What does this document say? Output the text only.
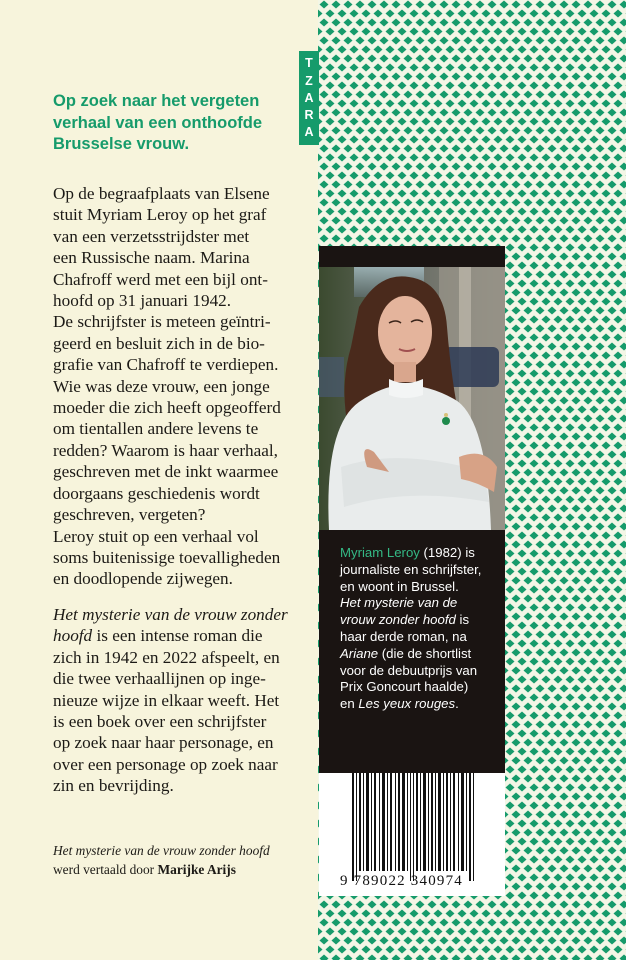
Op zoek naar het vergeten
verhaal van een onthoofde
Brusselse vrouw.
Op de begraafplaats van Elsene
stuit Myriam Leroy op het graf
van een verzetsstrijdster met
een Russische naam. Marina
Chafroff werd met een bijl ont-
hoofd op 31 januari 1942.
De schrijfster is meteen geïntri-
geerd en besluit zich in de bio-
grafie van Chafroff te verdiepen.
Wie was deze vrouw, een jonge
moeder die zich heeft opgeofferd
om tientallen andere levens te
redden? Waarom is haar verhaal,
geschreven met de inkt waarmee
doorgaans geschiedenis wordt
geschreven, vergeten?
Leroy stuit op een verhaal vol
soms buitenissige toevalligheden
en doodlopende zijwegen.
Het mysterie van de vrouw zonder
hoofd is een intense roman die
zich in 1942 en 2022 afspeelt, en
die twee verhaallijnen op inge-
nieuze wijze in elkaar weeft. Het
is een boek over een schrijfster
op zoek naar haar personage, en
over een personage op zoek naar
zin en bevrijding.
Het mysterie van de vrouw zonder hoofd
werd vertaald door Marijke Arijs
T
Z
A
R
A
Myriam Leroy (1982) is
journaliste en schrijfster,
en woont in Brussel.
Het mysterie van de
vrouw zonder hoofd is
haar derde roman, na
Ariane (die de shortlist
voor de debuutprijs van
Prix Goncourt haalde)
en Les yeux rouges.
9 789022 340974
